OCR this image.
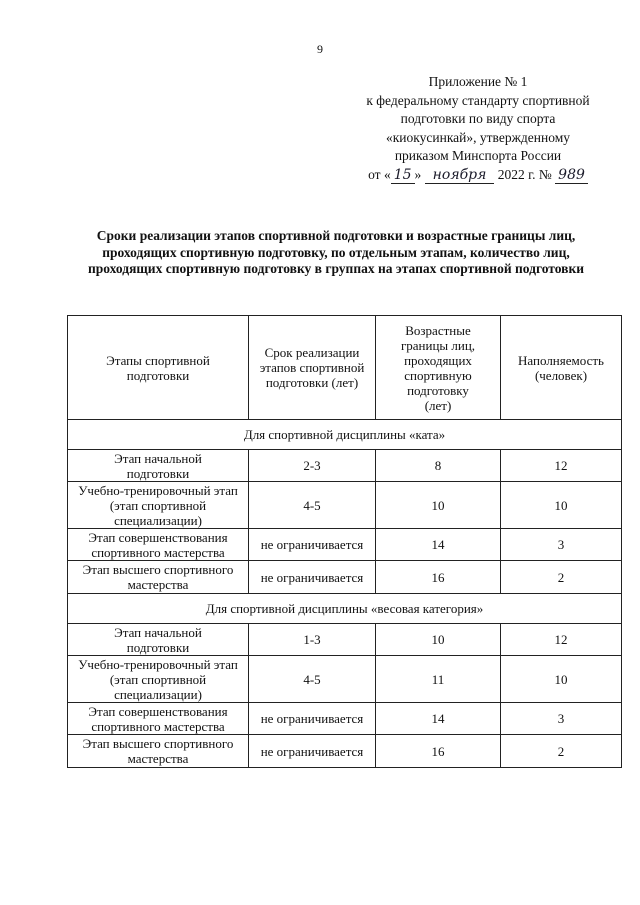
9
Приложение № 1
к федеральному стандарту спортивной
подготовки по виду спорта
«киокусинкай», утвержденному
приказом Минспорта России
от « 15 » ноября 2022 г. № 989
Сроки реализации этапов спортивной подготовки и возрастные границы лиц, проходящих спортивную подготовку, по отдельным этапам, количество лиц, проходящих спортивную подготовку в группах на этапах спортивной подготовки
Этапы спортивной подготовки	Срок реализации этапов спортивной подготовки (лет)	Возрастные границы лиц, проходящих спортивную подготовку (лет)	Наполняемость (человек)
Для спортивной дисциплины «ката»			
Этап начальной подготовки	2-3	8	12
Учебно-тренировочный этап (этап спортивной специализации)	4-5	10	10
Этап совершенствования спортивного мастерства	не ограничивается	14	3
Этап высшего спортивного мастерства	не ограничивается	16	2
Для спортивной дисциплины «весовая категория»			
Этап начальной подготовки	1-3	10	12
Учебно-тренировочный этап (этап спортивной специализации)	4-5	11	10
Этап совершенствования спортивного мастерства	не ограничивается	14	3
Этап высшего спортивного мастерства	не ограничивается	16	2
